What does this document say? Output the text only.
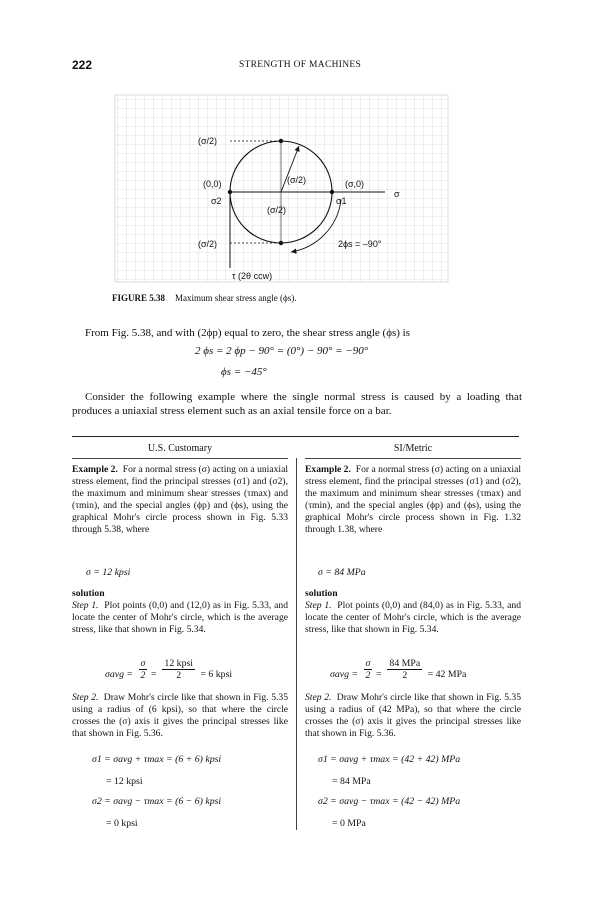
222	STRENGTH OF MACHINES
(σ/2)
(0,0)
σ2
(σ/2)
(σ/2)
(σ,0)
σ1
σ
(σ/2)	2ϕs = –90°
τ (2θ ccw)
FIGURE 5.38 Maximum shear stress angle (ϕs).
From Fig. 5.38, and with (2ϕp) equal to zero, the shear stress angle (ϕs) is
2 ϕs = 2 ϕp − 90° = (0°) − 90° = −90°
ϕs = −45°
Consider the following example where the single normal stress is caused by a loading that produces a uniaxial stress element such as an axial tensile force on a bar.
U.S. Customary	SI/Metric
Example 2. For a normal stress (σ) acting on a uniaxial stress element, find the principal stresses (σ1) and (σ2), the maximum and minimum shear stresses (τmax) and (τmin), and the special angles (ϕp) and (ϕs), using the graphical Mohr's circle process shown in Fig. 5.33 through 5.38, where
σ = 12 kpsi
solution
Step 1. Plot points (0,0) and (12,0) as in Fig. 5.33, and locate the center of Mohr's circle, which is the average stress, like that shown in Fig. 5.34.
$\sigma avg = \frac{\sigma}{2}$ =
12 kpsi
2	= 6 kpsi
Step 2. Draw Mohr's circle like that shown in Fig. 5.35 using a radius of (6 kpsi), so that where the circle crosses the (σ) axis it gives the principal stresses like that shown in Fig. 5.36.
σ1 = σavg + τmax = (6 + 6) kpsi
= 12 kpsi
σ2 = σavg − τmax = (6 − 6) kpsi
= 0 kpsi
Example 2. For a normal stress (σ) acting on a uniaxial stress element, find the principal stresses (σ1) and (σ2), the maximum and minimum shear stresses (τmax) and (τmin), and the special angles (ϕp) and (ϕs), using the graphical Mohr's circle process shown in Fig. 1.32 through 1.38, where
σ = 84 MPa
solution
Step 1. Plot points (0,0) and (84,0) as in Fig. 5.33, and locate the center of Mohr's circle, which is the average stress, like that shown in Fig. 5.34.
$\sigma avg = \frac{\sigma}{2}$ =
84 MPa
2	= 42 MPa
Step 2. Draw Mohr's circle like that shown in Fig. 5.35 using a radius of (42 MPa), so that where the circle crosses the (σ) axis it gives the principal stresses like that shown in Fig. 5.36.
σ1 = σavg + τmax = (42 + 42) MPa
= 84 MPa
σ2 = σavg − τmax = (42 − 42) MPa
= 0 MPa
